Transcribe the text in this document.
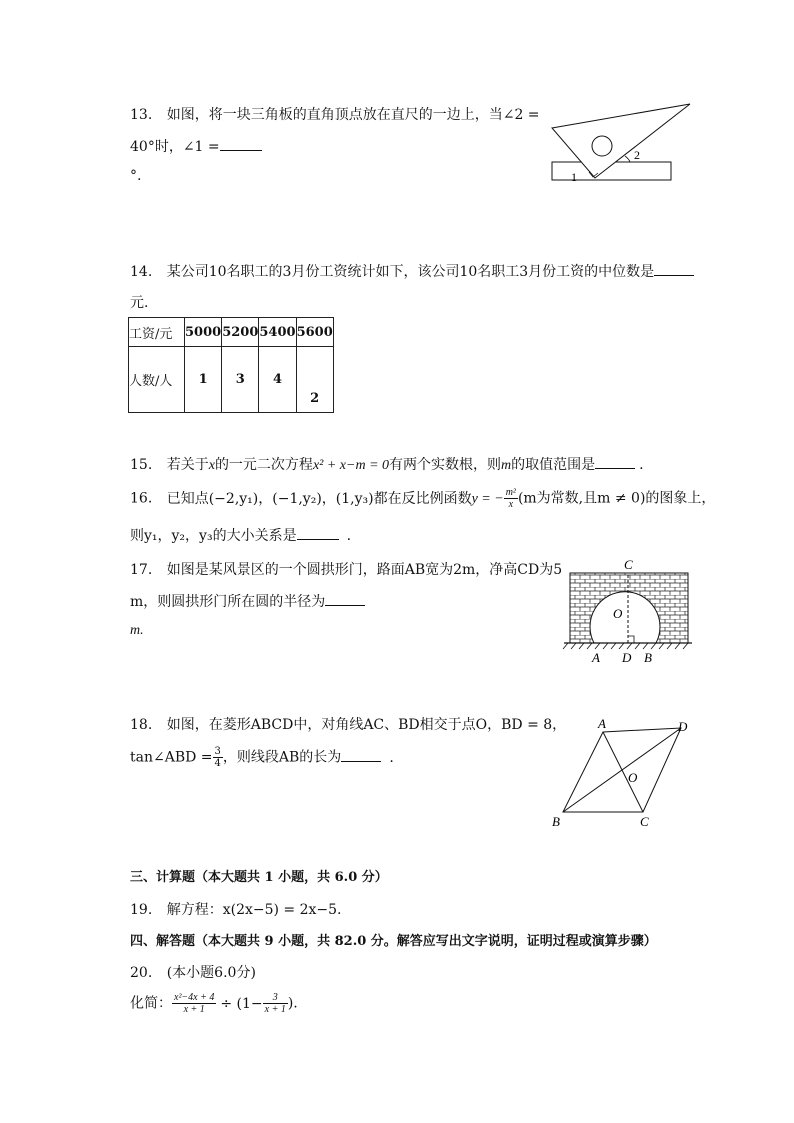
13. 如图，将一块三角板的直角顶点放在直尺的一边上，当∠2 =
40°时，∠1 =
°.	1
2
14. 某公司10名职工的3月份工资统计如下，该公司10名职工3月份工资的中位数是
元.
工资/元	5000	5200	5400	5600
人数/人	1	3	4	2
15. 若关于x的一元二次方程x² + x−m = 0有两个实数根，则m的取值范围是	.
16. 已知点(−2,y₁)，(−1,y₂)，(1,y₃)都在反比例函数y = − $\frac{\text{m²}}{x} (m$为常数,且m ≠ 0)的图象上，
则y₁，y₂，y₃的大小关系是	.
17. 如图是某风景区的一个圆拱形门，路面AB宽为2m，净高CD为5
m，则圆拱形门所在圆的半径为
m.
C
O
A D B
18. 如图，在菱形ABCD中，对角线AC、BD相交于点O，BD = 8，
tan∠ABD = $\frac{3}{4}$ ，则线段AB的长为	.
A	D
O
B	C
三、计算题（本大题共 1 小题，共 6.0 分）
19. 解方程：x(2x−5) = 2x−5.
四、解答题（本大题共 9 小题，共 82.0 分。解答应写出文字说明，证明过程或演算步骤）
20. (本小题6.0分)
化简： $\frac{\text{x²−4x + 4}}{x + 1} \div (1- \frac{3}{x + 1}$ ).
